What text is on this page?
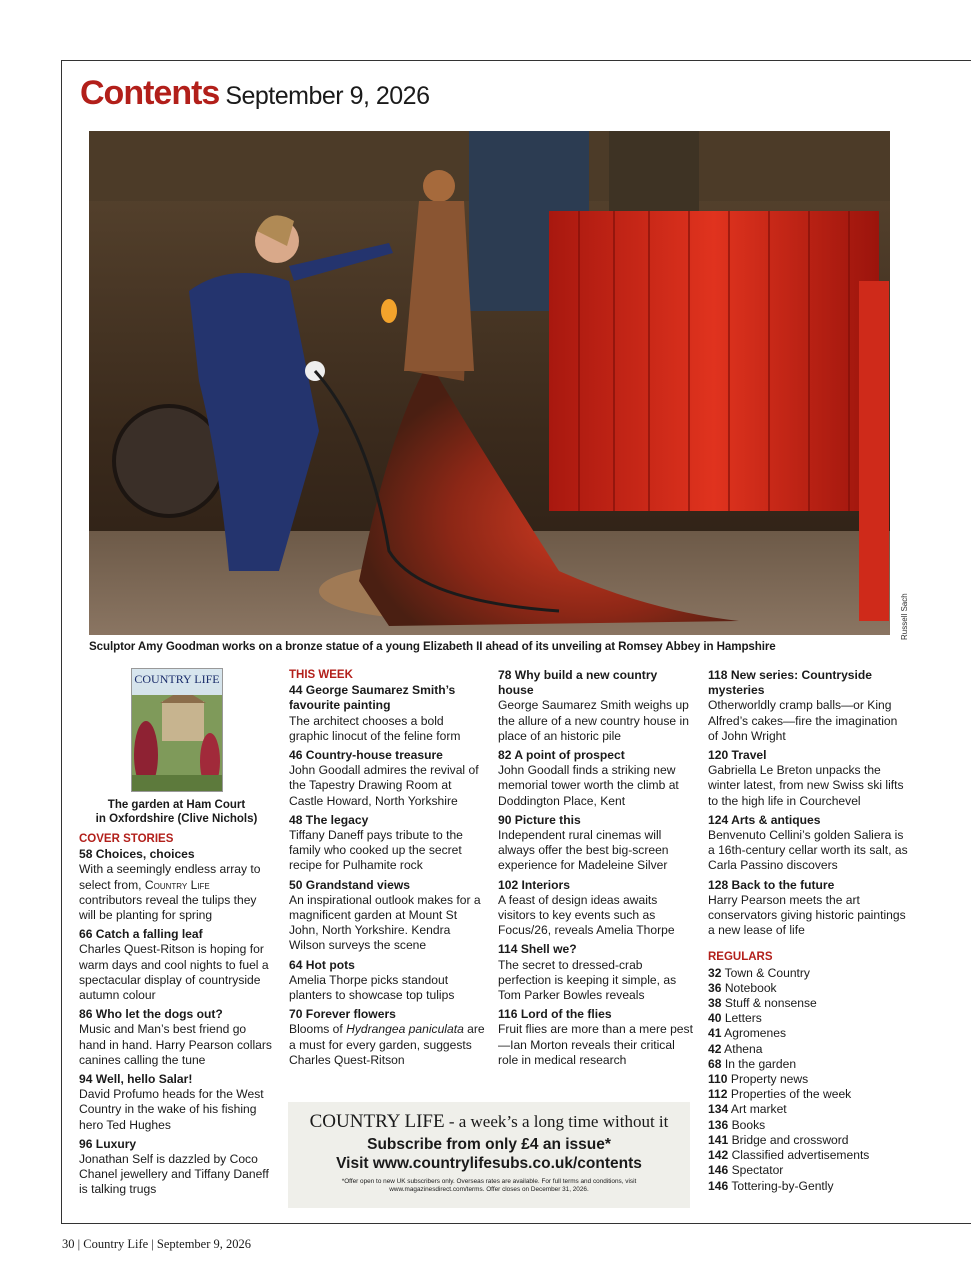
Contents September 9, 2026
Russell Sach
Sculptor Amy Goodman works on a bronze statue of a young Elizabeth II ahead of its unveiling at Romsey Abbey in Hampshire
COUNTRY LIFE
The garden at Ham Court
in Oxfordshire (Clive Nichols)
COVER STORIES
58 Choices, choices
With a seemingly endless array to select from, Country Life contributors reveal the tulips they will be planting for spring
66 Catch a falling leaf
Charles Quest-Ritson is hoping for warm days and cool nights to fuel a spectacular display of countryside autumn colour
86 Who let the dogs out?
Music and Man’s best friend go hand in hand. Harry Pearson collars canines calling the tune
94 Well, hello Salar!
David Profumo heads for the West Country in the wake of his fishing hero Ted Hughes
96 Luxury
Jonathan Self is dazzled by Coco Chanel jewellery and Tiffany Daneff is talking trugs
THIS WEEK
44 George Saumarez Smith’s favourite painting
The architect chooses a bold graphic linocut of the feline form
46 Country-house treasure
John Goodall admires the revival of the Tapestry Drawing Room at Castle Howard, North Yorkshire
48 The legacy
Tiffany Daneff pays tribute to the family who cooked up the secret recipe for Pulhamite rock
50 Grandstand views
An inspirational outlook makes for a magnificent garden at Mount St John, North Yorkshire. Kendra Wilson surveys the scene
64 Hot pots
Amelia Thorpe picks standout planters to showcase top tulips
70 Forever flowers
Blooms of Hydrangea paniculata are a must for every garden, suggests Charles Quest-Ritson
78 Why build a new country house
George Saumarez Smith weighs up the allure of a new country house in place of an historic pile
82 A point of prospect
John Goodall finds a striking new memorial tower worth the climb at Doddington Place, Kent
90 Picture this
Independent rural cinemas will always offer the best big-screen experience for Madeleine Silver
102 Interiors
A feast of design ideas awaits visitors to key events such as Focus/26, reveals Amelia Thorpe
114 Shell we?
The secret to dressed-crab perfection is keeping it simple, as Tom Parker Bowles reveals
116 Lord of the flies
Fruit flies are more than a mere pest—Ian Morton reveals their critical role in medical research
118 New series: Countryside mysteries
Otherworldly cramp balls—or King Alfred’s cakes—fire the imagination of John Wright
120 Travel
Gabriella Le Breton unpacks the winter latest, from new Swiss ski lifts to the high life in Courchevel
124 Arts & antiques
Benvenuto Cellini’s golden Saliera is a 16th-century cellar worth its salt, as Carla Passino discovers
128 Back to the future
Harry Pearson meets the art conservators giving historic paintings a new lease of life
REGULARS
32 Town & Country
36 Notebook
38 Stuff & nonsense
40 Letters
41 Agromenes
42 Athena
68 In the garden
110 Property news
112 Properties of the week
134 Art market
136 Books
141 Bridge and crossword
142 Classified advertisements
146 Spectator
146 Tottering-by-Gently
COUNTRY LIFE - a week’s a long time without it
Subscribe from only £4 an issue*
Visit www.countrylifesubs.co.uk/contents
*Offer open to new UK subscribers only. Overseas rates are available. For full terms and conditions, visit www.magazinesdirect.com/terms. Offer closes on December 31, 2026.
30 | Country Life | September 9, 2026
